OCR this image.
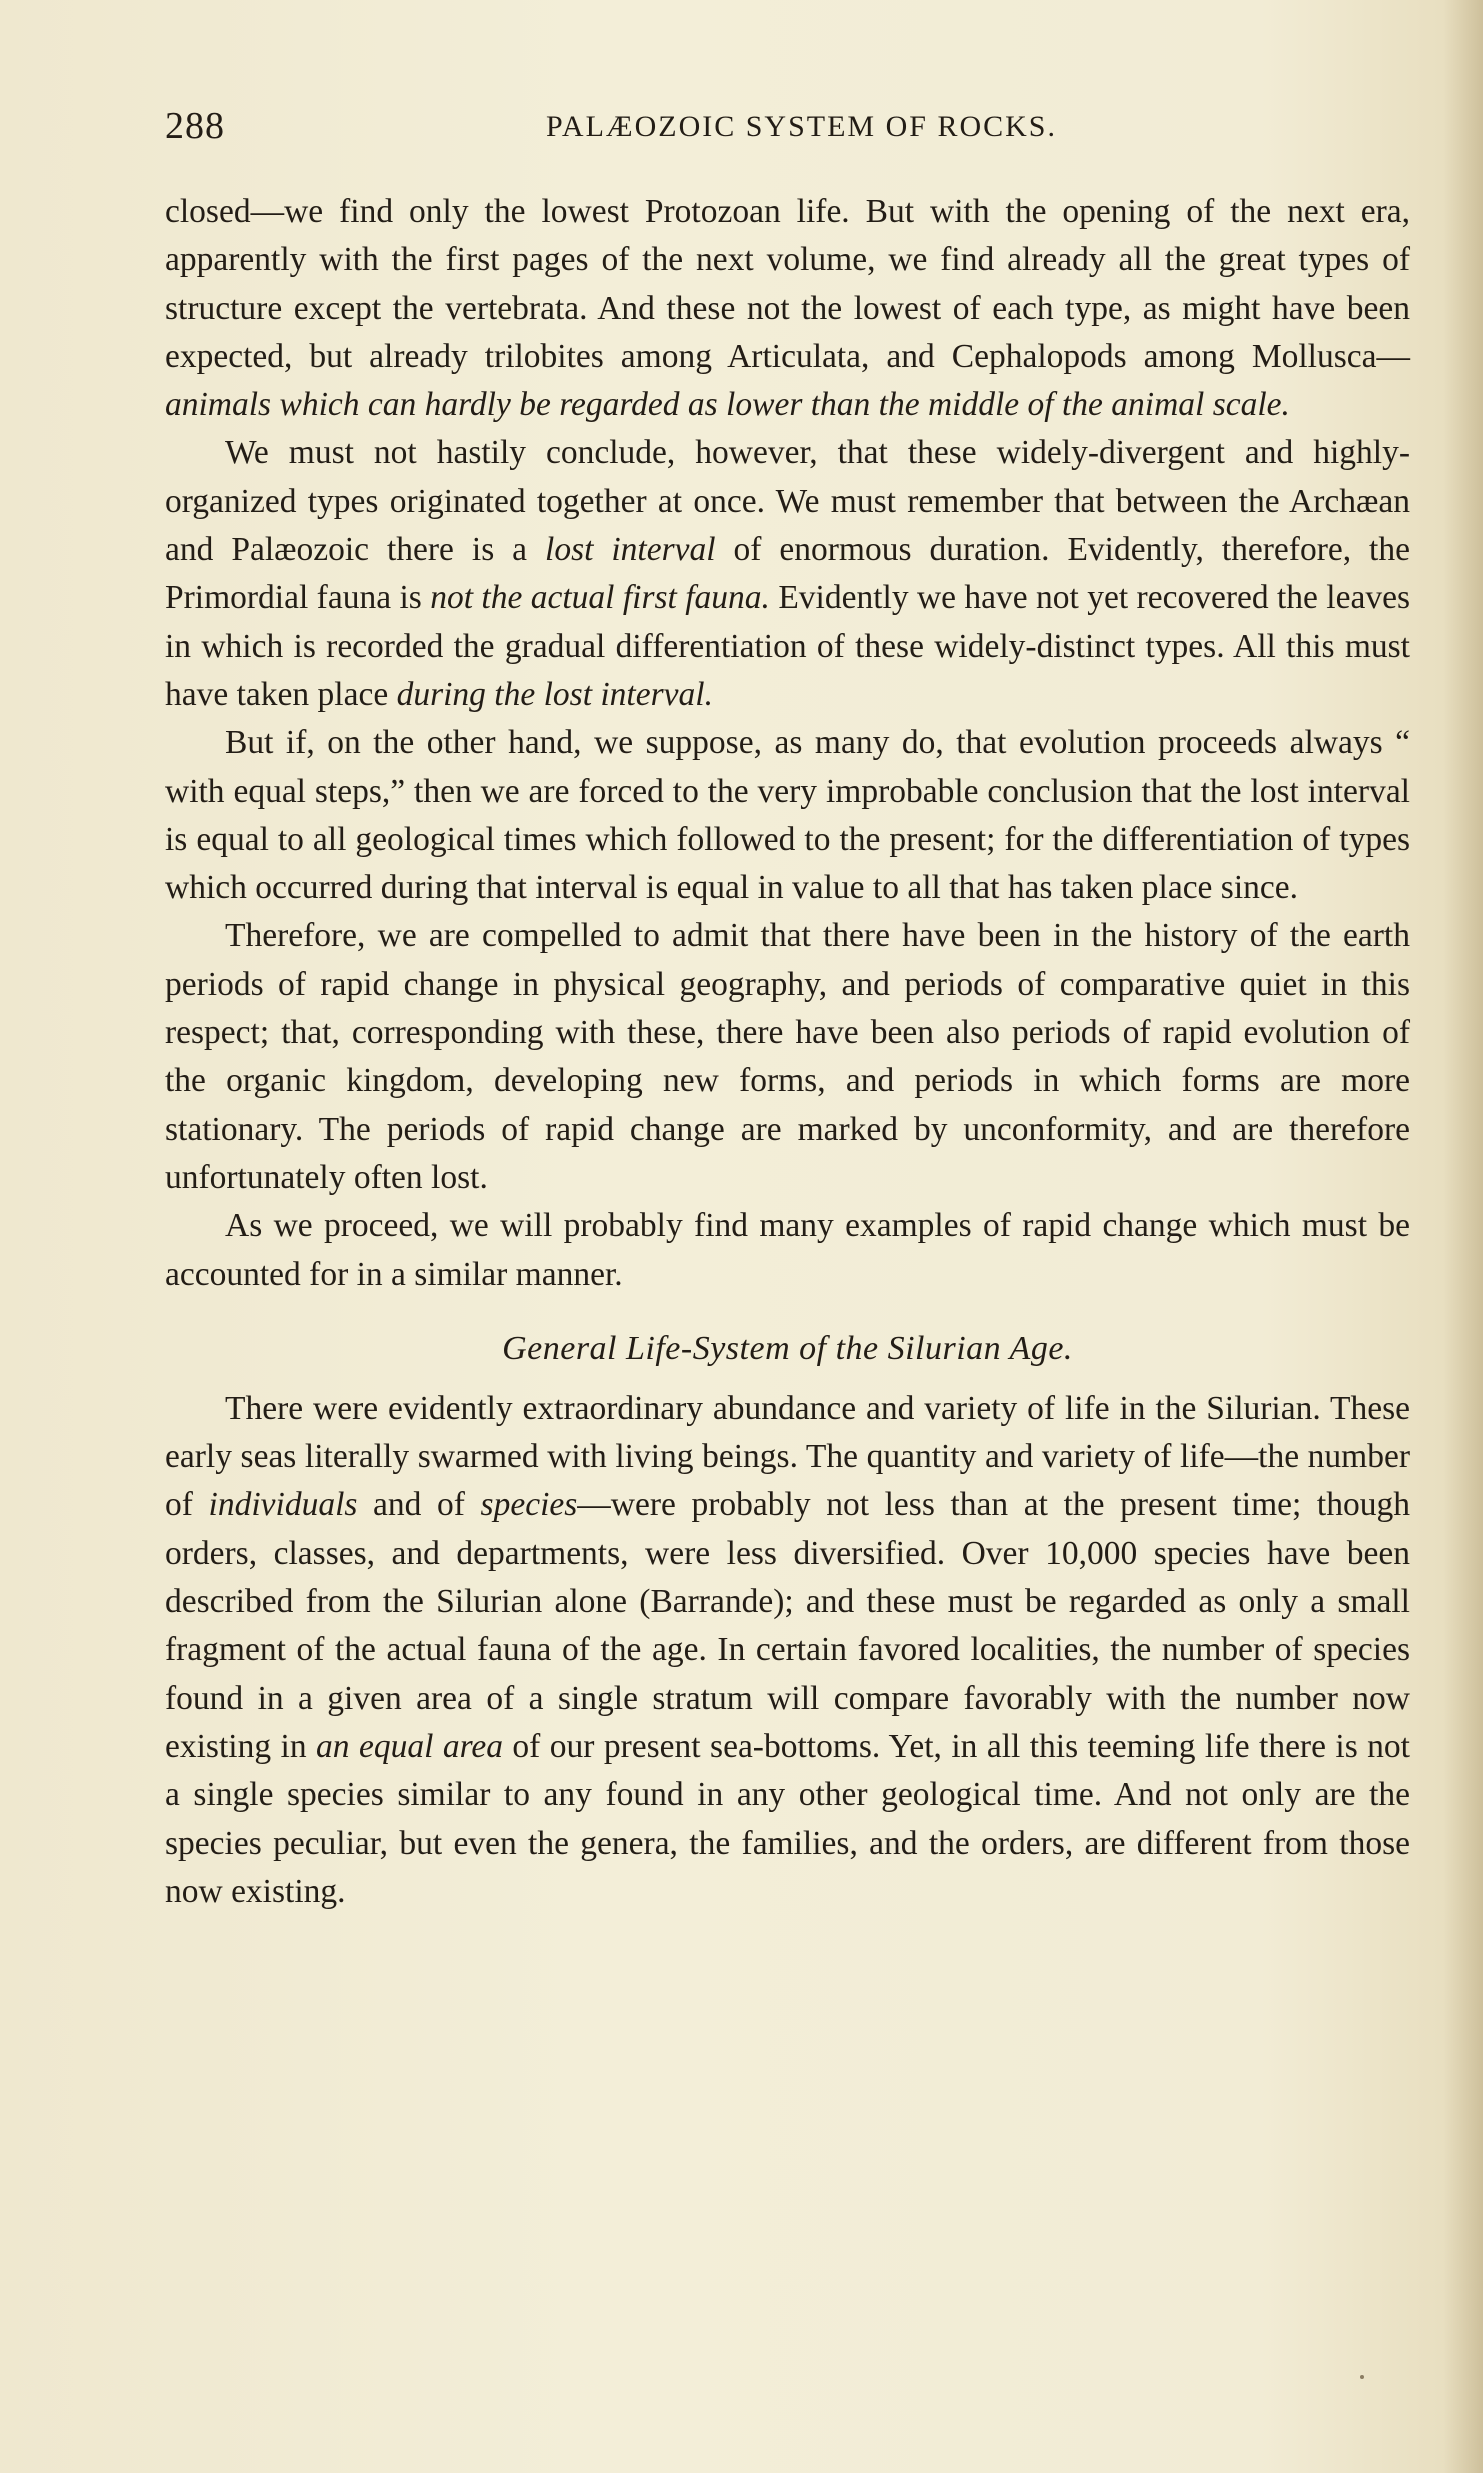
288	PALÆOZOIC SYSTEM OF ROCKS.

closed—we find only the lowest Protozoan life. But with the opening of the next era, apparently with the first pages of the next volume, we find already all the great types of structure except the vertebrata. And these not the lowest of each type, as might have been expected, but already trilobites among Articulata, and Cephalopods among Mollusca—animals which can hardly be regarded as lower than the middle of the animal scale.

We must not hastily conclude, however, that these widely-divergent and highly-organized types originated together at once. We must remember that between the Archæan and Palæozoic there is a lost interval of enormous duration. Evidently, therefore, the Primordial fauna is not the actual first fauna. Evidently we have not yet recovered the leaves in which is recorded the gradual differentiation of these widely-distinct types. All this must have taken place during the lost interval.

But if, on the other hand, we suppose, as many do, that evolution proceeds always “ with equal steps,” then we are forced to the very improbable conclusion that the lost interval is equal to all geological times which followed to the present; for the differentiation of types which occurred during that interval is equal in value to all that has taken place since.

Therefore, we are compelled to admit that there have been in the history of the earth periods of rapid change in physical geography, and periods of comparative quiet in this respect; that, corresponding with these, there have been also periods of rapid evolution of the organic kingdom, developing new forms, and periods in which forms are more stationary. The periods of rapid change are marked by unconformity, and are therefore unfortunately often lost.

As we proceed, we will probably find many examples of rapid change which must be accounted for in a similar manner.

General Life-System of the Silurian Age.

There were evidently extraordinary abundance and variety of life in the Silurian. These early seas literally swarmed with living beings. The quantity and variety of life—the number of individuals and of species—were probably not less than at the present time; though orders, classes, and departments, were less diversified. Over 10,000 species have been described from the Silurian alone (Barrande); and these must be regarded as only a small fragment of the actual fauna of the age. In certain favored localities, the number of species found in a given area of a single stratum will compare favorably with the number now existing in an equal area of our present sea-bottoms. Yet, in all this teeming life there is not a single species similar to any found in any other geological time. And not only are the species peculiar, but even the genera, the families, and the orders, are different from those now existing.
